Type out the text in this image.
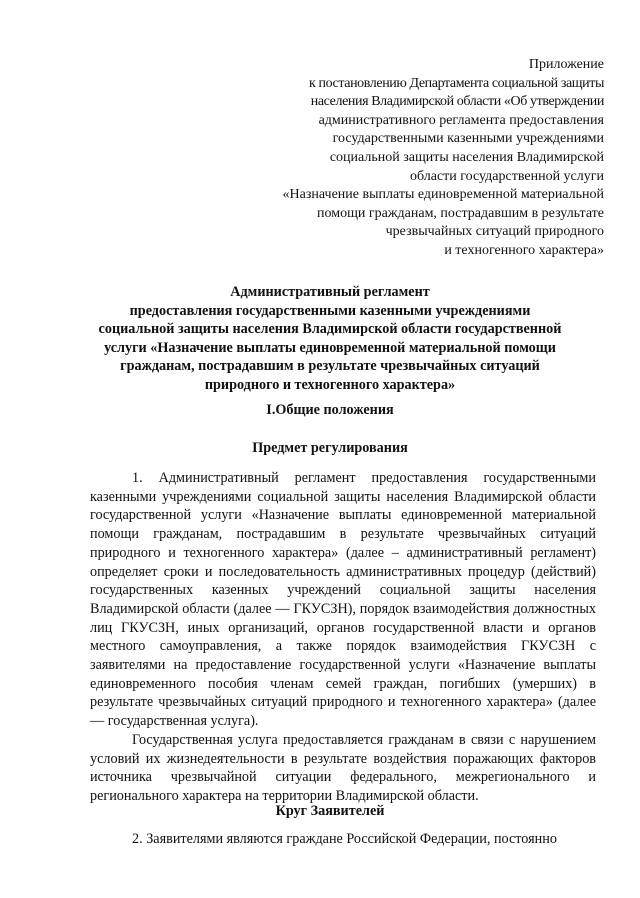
Приложение
к постановлению Департамента социальной защиты
населения Владимирской области «Об утверждении
административного регламента предоставления
государственными казенными учреждениями
социальной защиты населения Владимирской
области государственной услуги
«Назначение выплаты единовременной материальной
помощи гражданам, пострадавшим в результате
чрезвычайных ситуаций природного
и техногенного характера»
Административный регламент
предоставления государственными казенными учреждениями
социальной защиты населения Владимирской области государственной
услуги «Назначение выплаты единовременной материальной помощи
гражданам, пострадавшим в результате чрезвычайных ситуаций
природного и техногенного характера»
I.Общие положения
Предмет регулирования

1. Административный регламент предоставления государственными казенными учреждениями социальной защиты населения Владимирской области государственной услуги «Назначение выплаты единовременной материальной помощи гражданам, пострадавшим в результате чрезвычайных ситуаций природного и техногенного характера» (далее – административный регламент) определяет сроки и последовательность административных процедур (действий) государственных казенных учреждений социальной защиты населения Владимирской области (далее — ГКУСЗН), порядок взаимодействия должностных лиц ГКУСЗН, иных организаций, органов государственной власти и органов местного самоуправления, а также порядок взаимодействия ГКУСЗН с заявителями на предоставление государственной услуги «Назначение выплаты единовременного пособия членам семей граждан, погибших (умерших) в результате чрезвычайных ситуаций природного и техногенного характера» (далее — государственная услуга).

Государственная услуга предоставляется гражданам в связи с нарушением условий их жизнедеятельности в результате воздействия поражающих факторов источника чрезвычайной ситуации федерального, межрегионального и регионального характера на территории Владимирской области.

Круг Заявителей

2. Заявителями являются граждане Российской Федерации, постоянно
